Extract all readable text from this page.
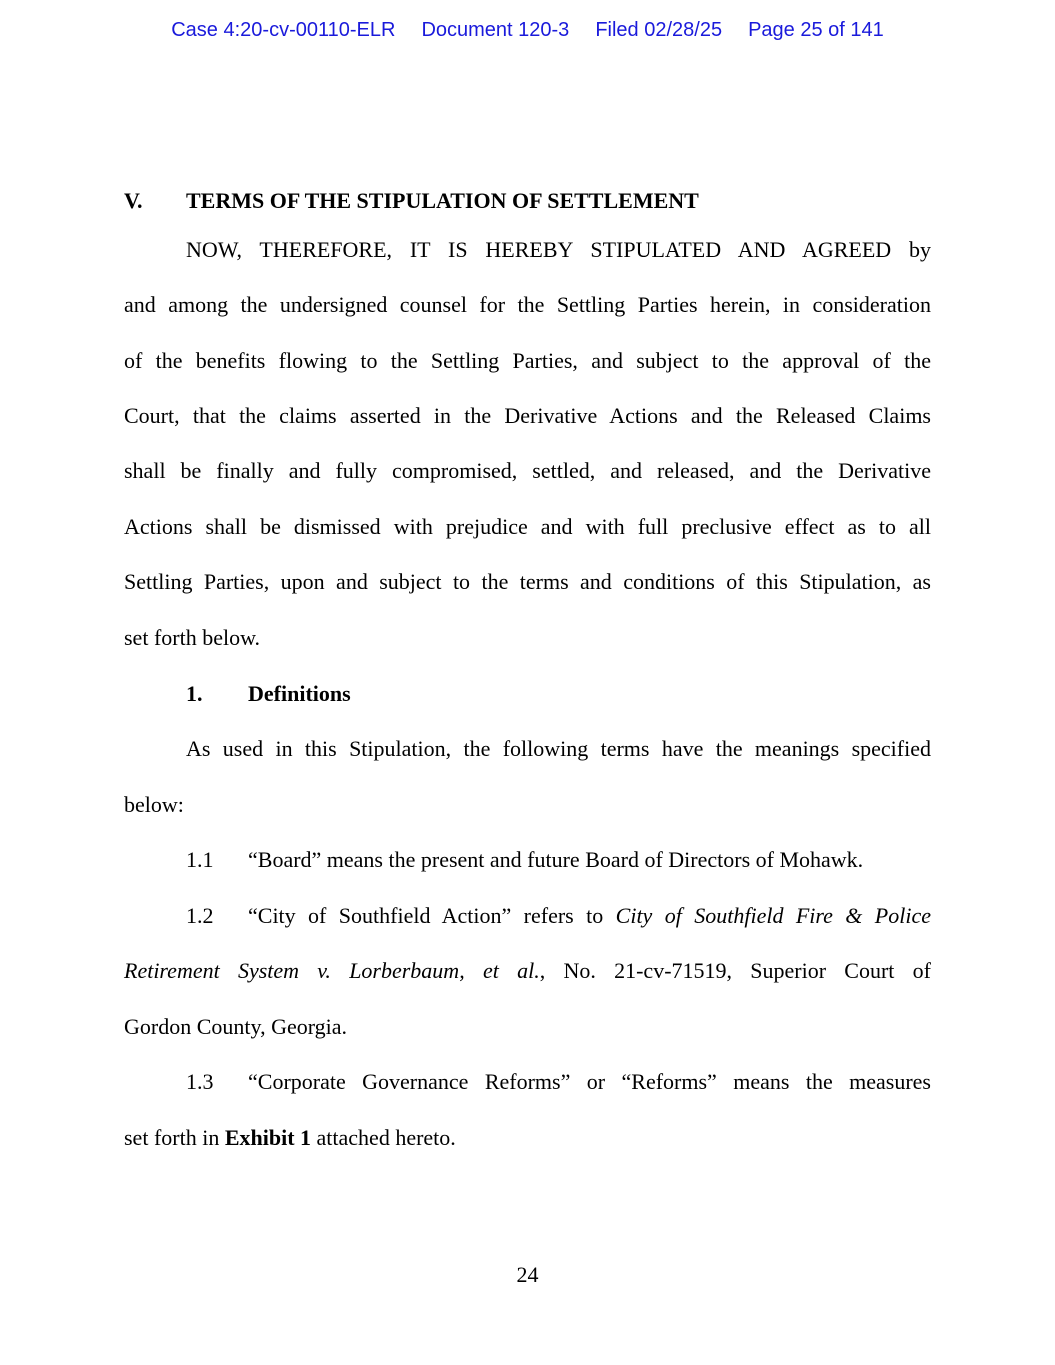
Case 4:20-cv-00110-ELR Document 120-3 Filed 02/28/25 Page 25 of 141
V. TERMS OF THE STIPULATION OF SETTLEMENT
NOW, THEREFORE, IT IS HEREBY STIPULATED AND AGREED by
and among the undersigned counsel for the Settling Parties herein, in consideration
of the benefits flowing to the Settling Parties, and subject to the approval of the
Court, that the claims asserted in the Derivative Actions and the Released Claims
shall be finally and fully compromised, settled, and released, and the Derivative
Actions shall be dismissed with prejudice and with full preclusive effect as to all
Settling Parties, upon and subject to the terms and conditions of this Stipulation, as
set forth below.
1. Definitions
As used in this Stipulation, the following terms have the meanings specified
below:
1.1 “Board” means the present and future Board of Directors of Mohawk.
1.2 “City of Southfield Action” refers to City of Southfield Fire & Police
Retirement System v. Lorberbaum, et al., No. 21-cv-71519, Superior Court of
Gordon County, Georgia.
1.3 “Corporate Governance Reforms” or “Reforms” means the measures
set forth in Exhibit 1 attached hereto.
24
